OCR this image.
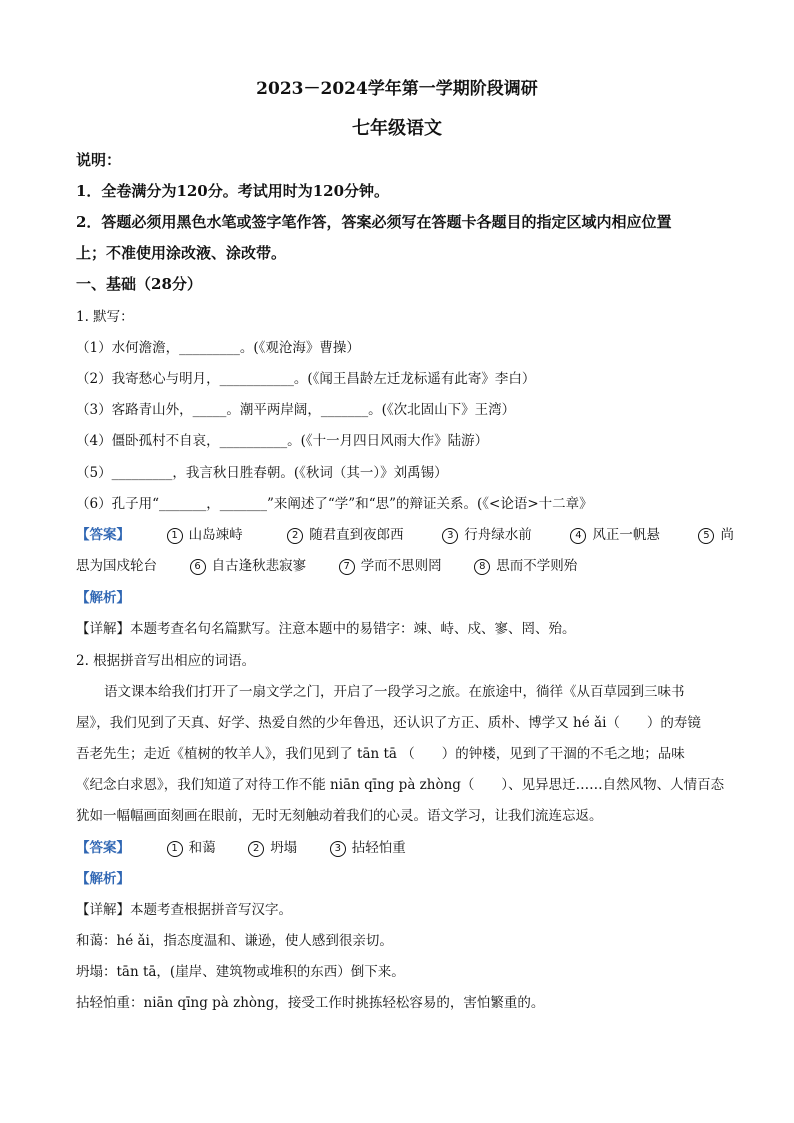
2023－2024学年第一学期阶段调研
七年级语文
说明：
1．全卷满分为120分。考试用时为120分钟。
2．答题必须用黑色水笔或签字笔作答，答案必须写在答题卡各题目的指定区域内相应位置
上；不准使用涂改液、涂改带。
一、基础（28分）
1. 默写：
（1）水何澹澹，_________。(《观沧海》曹操）
（2）我寄愁心与明月，___________。(《闻王昌龄左迁龙标遥有此寄》李白）
（3）客路青山外，_____。潮平两岸阔，_______。(《次北固山下》王湾）
（4）僵卧孤村不自哀，__________。(《十一月四日风雨大作》陆游）
（5）_________，我言秋日胜春朝。(《秋词（其一）》刘禹锡）
（6）孔子用“_______，_______”来阐述了“学”和“思”的辩证关系。(《<论语>十二章》
【答案】	1 山岛竦峙	2 随君直到夜郎西	3 行舟绿水前	4 风正一帆悬	5 尚
思为国戍轮台	6 自古逢秋悲寂寥	7 学而不思则罔	8 思而不学则殆
【解析】
【详解】本题考查名句名篇默写。注意本题中的易错字：竦、峙、戍、寥、罔、殆。
2. 根据拼音写出相应的词语。
语文课本给我们打开了一扇文学之门，开启了一段学习之旅。在旅途中，徜徉《从百草园到三味书
屋》，我们见到了天真、好学、热爱自然的少年鲁迅，还认识了方正、质朴、博学又 hé ǎi（　　）的寿镜
吾老先生；走近《植树的牧羊人》，我们见到了 tān tā （　　）的钟楼，见到了干涸的不毛之地；品味
《纪念白求恩》，我们知道了对待工作不能 niān qīng pà zhòng（　　）、见异思迁……自然风物、人情百态
犹如一幅幅画面刻画在眼前，无时无刻触动着我们的心灵。语文学习，让我们流连忘返。
【答案】	1 和蔼	2 坍塌	3 拈轻怕重
【解析】
【详解】本题考查根据拼音写汉字。
和蔼：hé ǎi，指态度温和、谦逊，使人感到很亲切。
坍塌：tān tā，(崖岸、建筑物或堆积的东西）倒下来。
拈轻怕重：niān qīng pà zhòng，接受工作时挑拣轻松容易的，害怕繁重的。
